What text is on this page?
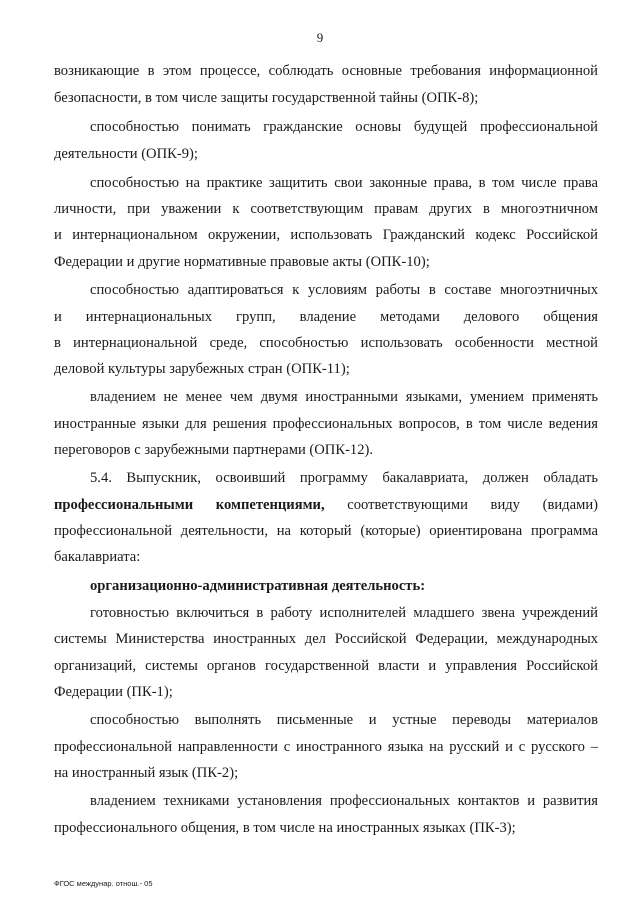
9
возникающие в этом процессе, соблюдать основные требования информационной
безопасности, в том числе защиты государственной тайны (ОПК-8);
способностью понимать гражданские основы будущей профессиональной
деятельности (ОПК-9);
способностью на практике защитить свои законные права, в том числе права
личности, при уважении к соответствующим правам других в многоэтничном
и интернациональном окружении, использовать Гражданский кодекс Российской
Федерации и другие нормативные правовые акты (ОПК-10);
способностью адаптироваться к условиям работы в составе многоэтничных
и интернациональных групп, владение методами делового общения
в интернациональной среде, способностью использовать особенности местной
деловой культуры зарубежных стран (ОПК-11);
владением не менее чем двумя иностранными языками, умением применять
иностранные языки для решения профессиональных вопросов, в том числе ведения
переговоров с зарубежными партнерами (ОПК-12).
5.4. Выпускник, освоивший программу бакалавриата, должен обладать
профессиональными компетенциями, соответствующими виду (видами)
профессиональной деятельности, на который (которые) ориентирована программа
бакалавриата:
организационно-административная деятельность:
готовностью включиться в работу исполнителей младшего звена учреждений
системы Министерства иностранных дел Российской Федерации, международных
организаций, системы органов государственной власти и управления Российской
Федерации (ПК-1);
способностью выполнять письменные и устные переводы материалов
профессиональной направленности с иностранного языка на русский и с русского –
на иностранный язык (ПК-2);
владением техниками установления профессиональных контактов и развития
профессионального общения, в том числе на иностранных языках (ПК-3);
ФГОС междунар. отнош.- 05
